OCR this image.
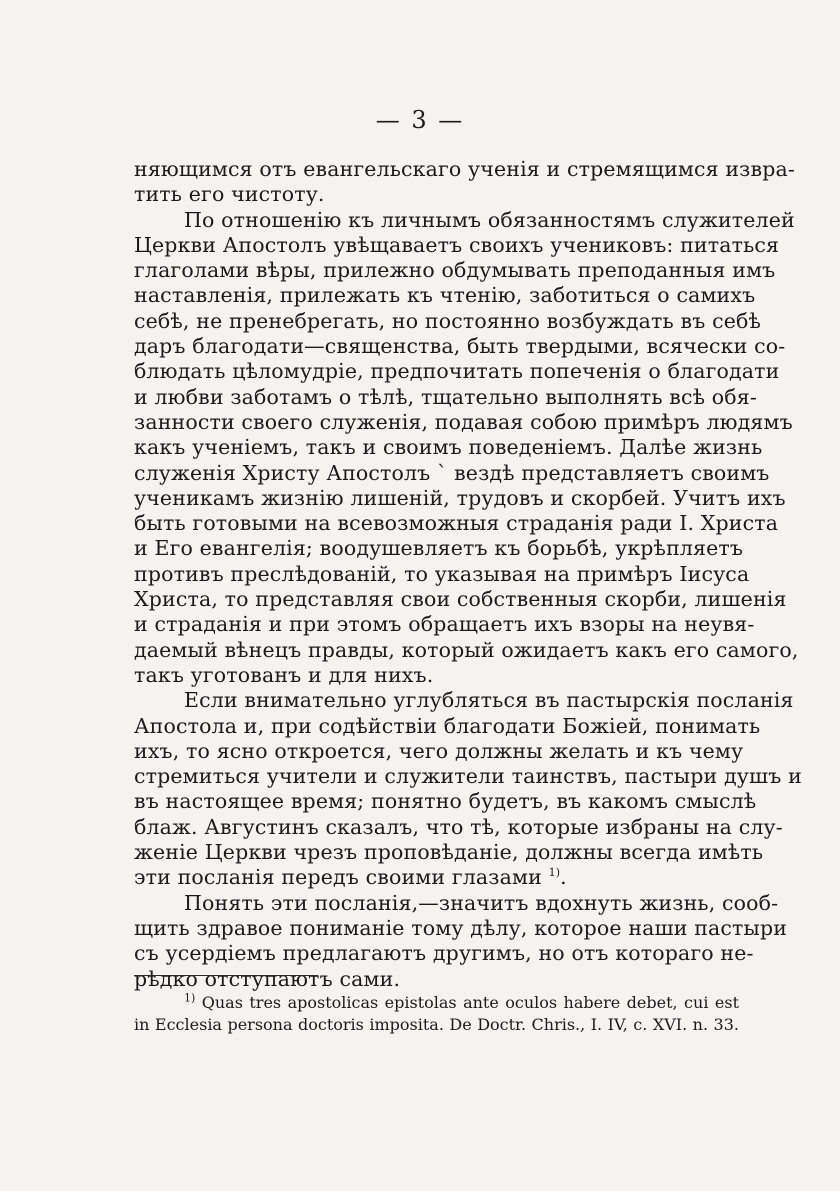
— 3 —
няющимся отъ евангельскаго ученія и стремящимся извра-
тить его чистоту.
По отношенію къ личнымъ обязанностямъ служителей
Церкви Апостолъ увѣщаваетъ своихъ учениковъ: питаться
глаголами вѣры, прилежно обдумывать преподанныя имъ
наставленія, прилежать къ чтенію, заботиться о самихъ
себѣ, не пренебрегать, но постоянно возбуждать въ себѣ
даръ благодати—священства, быть твердыми, всячески со-
блюдать цѣломудріе, предпочитать попеченія о благодати
и любви заботамъ о тѣлѣ, тщательно выполнять всѣ обя-
занности своего служенія, подавая собою примѣръ людямъ
какъ ученіемъ, такъ и своимъ поведеніемъ. Далѣе жизнь
служенія Христу Апостолъ ` вездѣ представляетъ своимъ
ученикамъ жизнію лишеній, трудовъ и скорбей. Учитъ ихъ
быть готовыми на всевозможныя страданія ради І. Христа
и Его евангелія; воодушевляетъ къ борьбѣ, укрѣпляетъ
противъ преслѣдованій, то указывая на примѣръ Іисуса
Христа, то представляя свои собственныя скорби, лишенія
и страданія и при этомъ обращаетъ ихъ взоры на неувя-
даемый вѣнецъ правды, который ожидаетъ какъ его самого,
такъ уготованъ и для нихъ.
Если внимательно углубляться въ пастырскія посланія
Апостола и, при содѣйствіи благодати Божіей, понимать
ихъ, то ясно откроется, чего должны желать и къ чему
стремиться учители и служители таинствъ, пастыри душъ и
въ настоящее время; понятно будетъ, въ какомъ смыслѣ
блаж. Августинъ сказалъ, что тѣ, которые избраны на слу-
женіе Церкви чрезъ проповѣданіе, должны всегда имѣть
эти посланія передъ своими глазами $^{1)}$.
Понять эти посланія,—значитъ вдохнуть жизнь, сооб-
щить здравое пониманіе тому дѣлу, которое наши пастыри
съ усердіемъ предлагаютъ другимъ, но отъ котораго не-
рѣдко отступаютъ сами.
$^{1)}$ Quas tres apostolicas epistolas ante oculos habere debet, cui est
in Ecclesia persona doctoris imposita. De Doctr. Chris., I. IV, c. XVI. n. 33.
